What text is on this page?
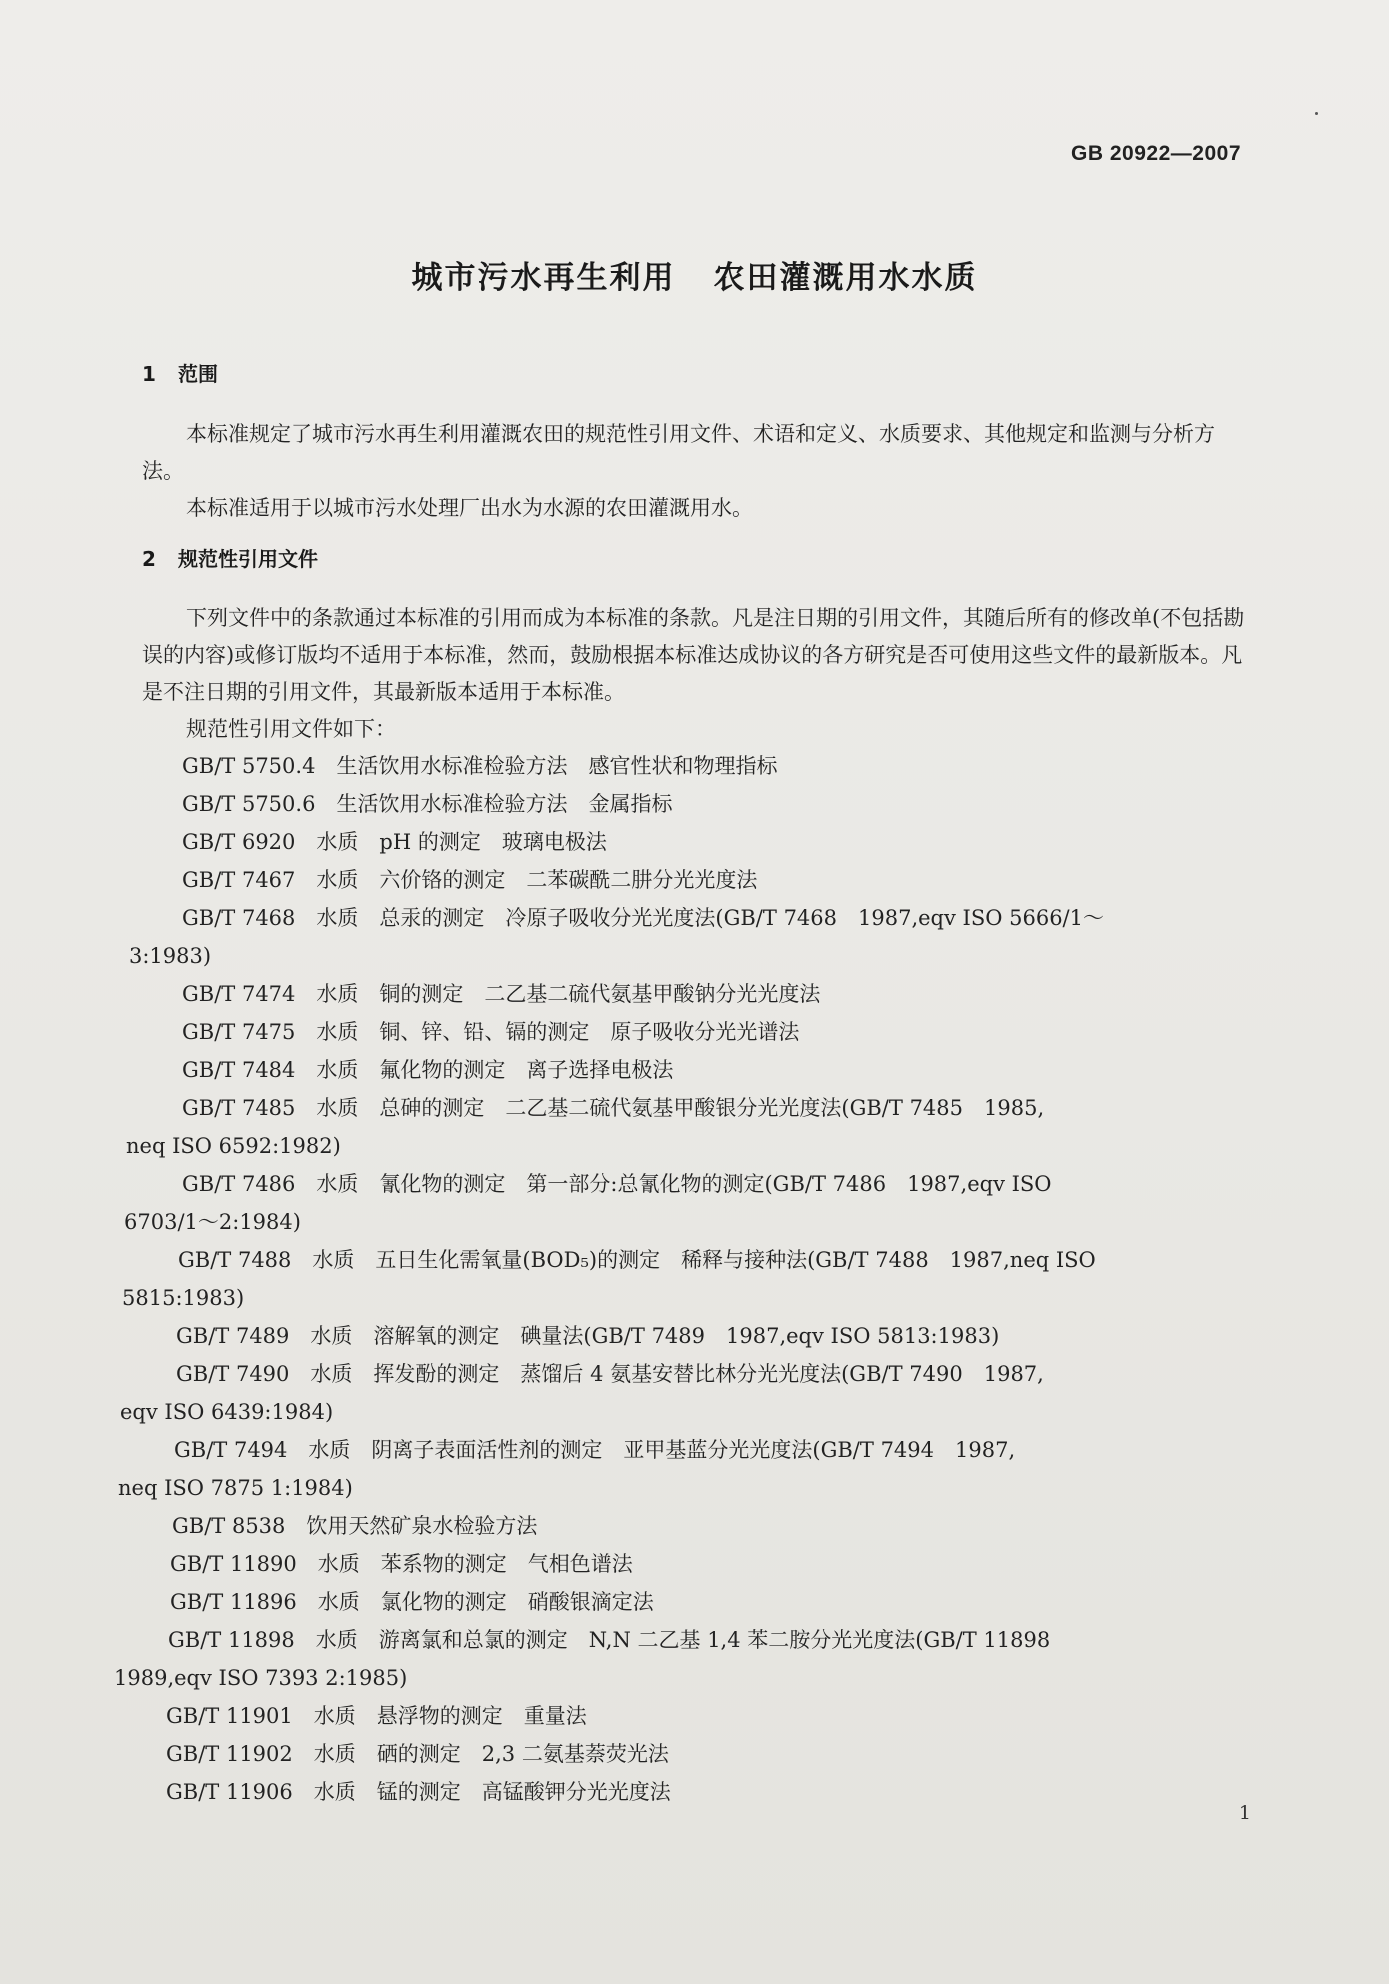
GB 20922—2007
城市污水再生利用 农田灌溉用水水质
1 范围
本标准规定了城市污水再生利用灌溉农田的规范性引用文件、术语和定义、水质要求、其他规定和监测与分析方法。
本标准适用于以城市污水处理厂出水为水源的农田灌溉用水。
2 规范性引用文件
下列文件中的条款通过本标准的引用而成为本标准的条款。凡是注日期的引用文件，其随后所有的修改单(不包括勘误的内容)或修订版均不适用于本标准，然而，鼓励根据本标准达成协议的各方研究是否可使用这些文件的最新版本。凡是不注日期的引用文件，其最新版本适用于本标准。
规范性引用文件如下：
GB/T 5750.4　生活饮用水标准检验方法　感官性状和物理指标
GB/T 5750.6　生活饮用水标准检验方法　金属指标
GB/T 6920　水质　pH 的测定　玻璃电极法
GB/T 7467　水质　六价铬的测定　二苯碳酰二肼分光光度法
GB/T 7468　水质　总汞的测定　冷原子吸收分光光度法(GB/T 7468　1987,eqv ISO 5666/1～
3:1983)
GB/T 7474　水质　铜的测定　二乙基二硫代氨基甲酸钠分光光度法
GB/T 7475　水质　铜、锌、铅、镉的测定　原子吸收分光光谱法
GB/T 7484　水质　氟化物的测定　离子选择电极法
GB/T 7485　水质　总砷的测定　二乙基二硫代氨基甲酸银分光光度法(GB/T 7485　1985,
neq ISO 6592:1982)
GB/T 7486　水质　氰化物的测定　第一部分:总氰化物的测定(GB/T 7486　1987,eqv ISO
6703/1～2:1984)
GB/T 7488　水质　五日生化需氧量(BOD₅)的测定　稀释与接种法(GB/T 7488　1987,neq ISO
5815:1983)
GB/T 7489　水质　溶解氧的测定　碘量法(GB/T 7489　1987,eqv ISO 5813:1983)
GB/T 7490　水质　挥发酚的测定　蒸馏后 4 氨基安替比林分光光度法(GB/T 7490　1987,
eqv ISO 6439:1984)
GB/T 7494　水质　阴离子表面活性剂的测定　亚甲基蓝分光光度法(GB/T 7494　1987,
neq ISO 7875 1:1984)
GB/T 8538　饮用天然矿泉水检验方法
GB/T 11890　水质　苯系物的测定　气相色谱法
GB/T 11896　水质　氯化物的测定　硝酸银滴定法
GB/T 11898　水质　游离氯和总氯的测定　N,N 二乙基 1,4 苯二胺分光光度法(GB/T 11898
1989,eqv ISO 7393 2:1985)
GB/T 11901　水质　悬浮物的测定　重量法
GB/T 11902　水质　硒的测定　2,3 二氨基萘荧光法
GB/T 11906　水质　锰的测定　高锰酸钾分光光度法
1
